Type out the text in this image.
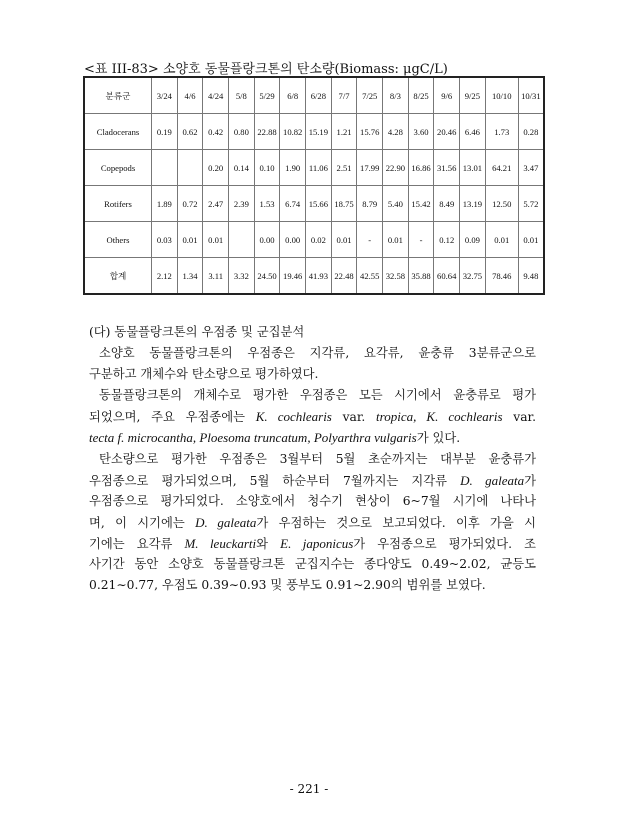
<표 III-83> 소양호 동물플랑크톤의 탄소량(Biomass: μgC/L)
분류군	3/24	4/6	4/24	5/8	5/29	6/8	6/28	7/7	7/25	8/3	8/25	9/6	9/25	10/10	10/31
Cladocerans	0.19	0.62	0.42	0.80	22.88	10.82	15.19	1.21	15.76	4.28	3.60	20.46	6.46	1.73	0.28
Copepods			0.20	0.14	0.10	1.90	11.06	2.51	17.99	22.90	16.86	31.56	13.01	64.21	3.47
Rotifers	1.89	0.72	2.47	2.39	1.53	6.74	15.66	18.75	8.79	5.40	15.42	8.49	13.19	12.50	5.72
Others	0.03	0.01	0.01		0.00	0.00	0.02	0.01	-	0.01	-	0.12	0.09	0.01	0.01
합계	2.12	1.34	3.11	3.32	24.50	19.46	41.93	22.48	42.55	32.58	35.88	60.64	32.75	78.46	9.48
(다) 동물플랑크톤의 우점종 및 군집분석
소양호 동물플랑크톤의 우점종은 지각류, 요각류, 윤충류 3분류군으로
구분하고 개체수와 탄소량으로 평가하였다.
동물플랑크톤의 개체수로 평가한 우점종은 모든 시기에서 윤충류로 평가
되었으며, 주요 우점종에는 K. cochlearis var. tropica, K. cochlearis var.
tecta f. microcantha, Ploesoma truncatum, Polyarthra vulgaris가 있다.
탄소량으로 평가한 우점종은 3월부터 5월 초순까지는 대부분 윤충류가
우점종으로 평가되었으며, 5월 하순부터 7월까지는 지각류 D. galeata가
우점종으로 평가되었다. 소양호에서 청수기 현상이 6~7월 시기에 나타나
며, 이 시기에는 D. galeata가 우점하는 것으로 보고되었다. 이후 가을 시
기에는 요각류 M. leuckarti와 E. japonicus가 우점종으로 평가되었다. 조
사기간 동안 소양호 동물플랑크톤 군집지수는 종다양도 0.49~2.02, 균등도
0.21∼0.77, 우점도 0.39∼0.93 및 풍부도 0.91~2.90의 범위를 보였다.
- 221 -
